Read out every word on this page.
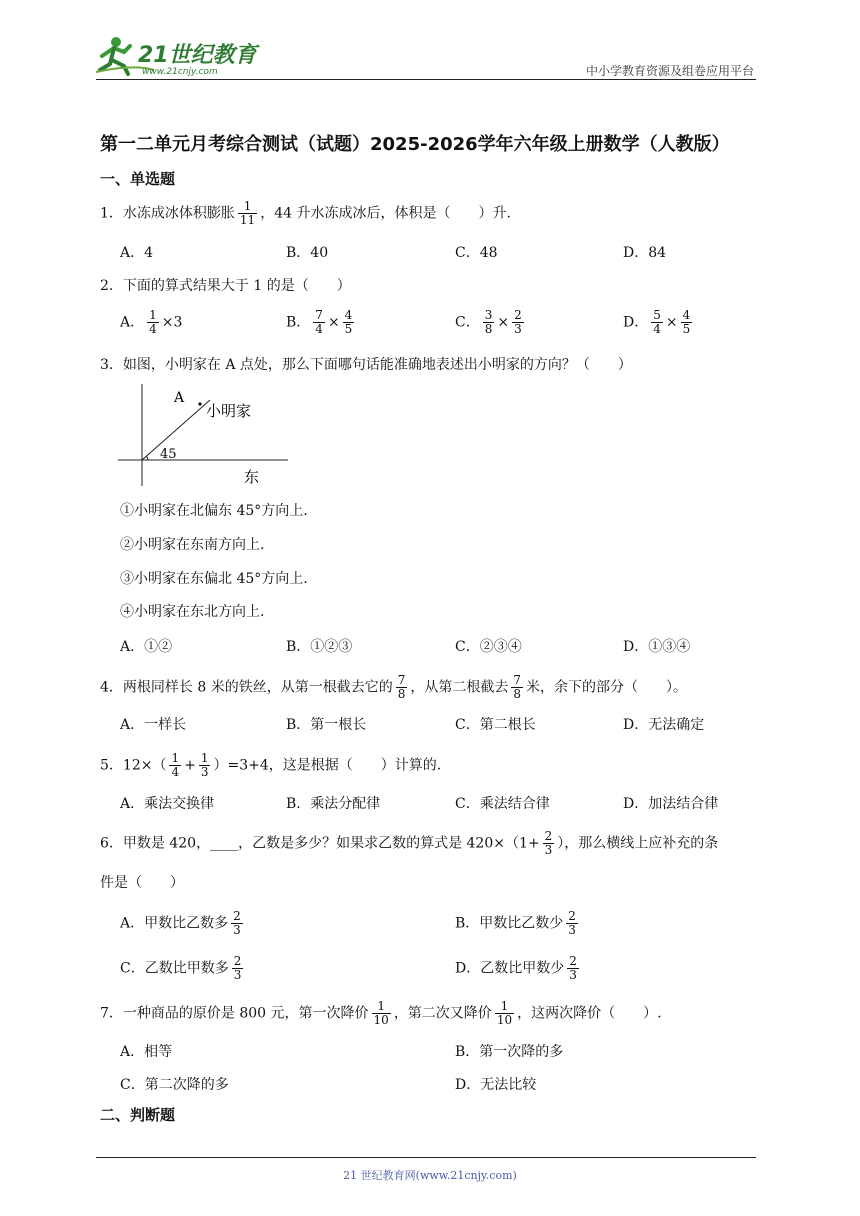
21世纪教育
www.21cnjy.com	中小学教育资源及组卷应用平台
第一二单元月考综合测试（试题）2025-2026学年六年级上册数学（人教版）
一、单选题
1．水冻成冰体积膨胀 $\frac{1}{11}$ ，44 升水冻成冰后，体积是（　　）升.
A．4	B．40	C．48	D．84
2．下面的算式结果大于 1 的是（　　）
A． $\frac{1}{4} \times 3$	B． $\frac{7}{4} \times \frac{4}{5}$	C． $\frac{3}{8} \times \frac{2}{3}$	D． $\frac{5}{4} \times \frac{4}{5}$
3．如图，小明家在 A 点处，那么下面哪句话能准确地表述出小明家的方向？（　　）
A
小明家
45
东
①小明家在北偏东 45°方向上.
②小明家在东南方向上.
③小明家在东偏北 45°方向上.
④小明家在东北方向上.
A．①②	B．①②③	C．②③④	D．①③④
4．两根同样长 8 米的铁丝，从第一根截去它的 $\frac{7}{8}$ ，从第二根截去 $\frac{7}{8}$ 米，余下的部分（　　）。
A．一样长	B．第一根长	C．第二根长	D．无法确定
5．$12\times( \frac{1}{4} + \frac{1}{3} )=3+4$，这是根据（　　）计算的.
A．乘法交换律	B．乘法分配律	C．乘法结合律	D．加法结合律
6．甲数是 420，____，乙数是多少？如果求乙数的算式是 $420\times(1+ \frac{2}{3}$ ），那么横线上应补充的条
件是（　　）
A．甲数比乙数多 $\frac{2}{3}$	B．甲数比乙数少 $\frac{2}{3}$
C．乙数比甲数多 $\frac{2}{3}$	D．乙数比甲数少 $\frac{2}{3}$
7．一种商品的原价是 800 元，第一次降价 $\frac{1}{10}$ ，第二次又降价 $\frac{1}{10}$ ，这两次降价（　　）.
A．相等	B．第一次降的多
C．第二次降的多	D．无法比较
二、判断题
21 世纪教育网(www.21cnjy.com)
